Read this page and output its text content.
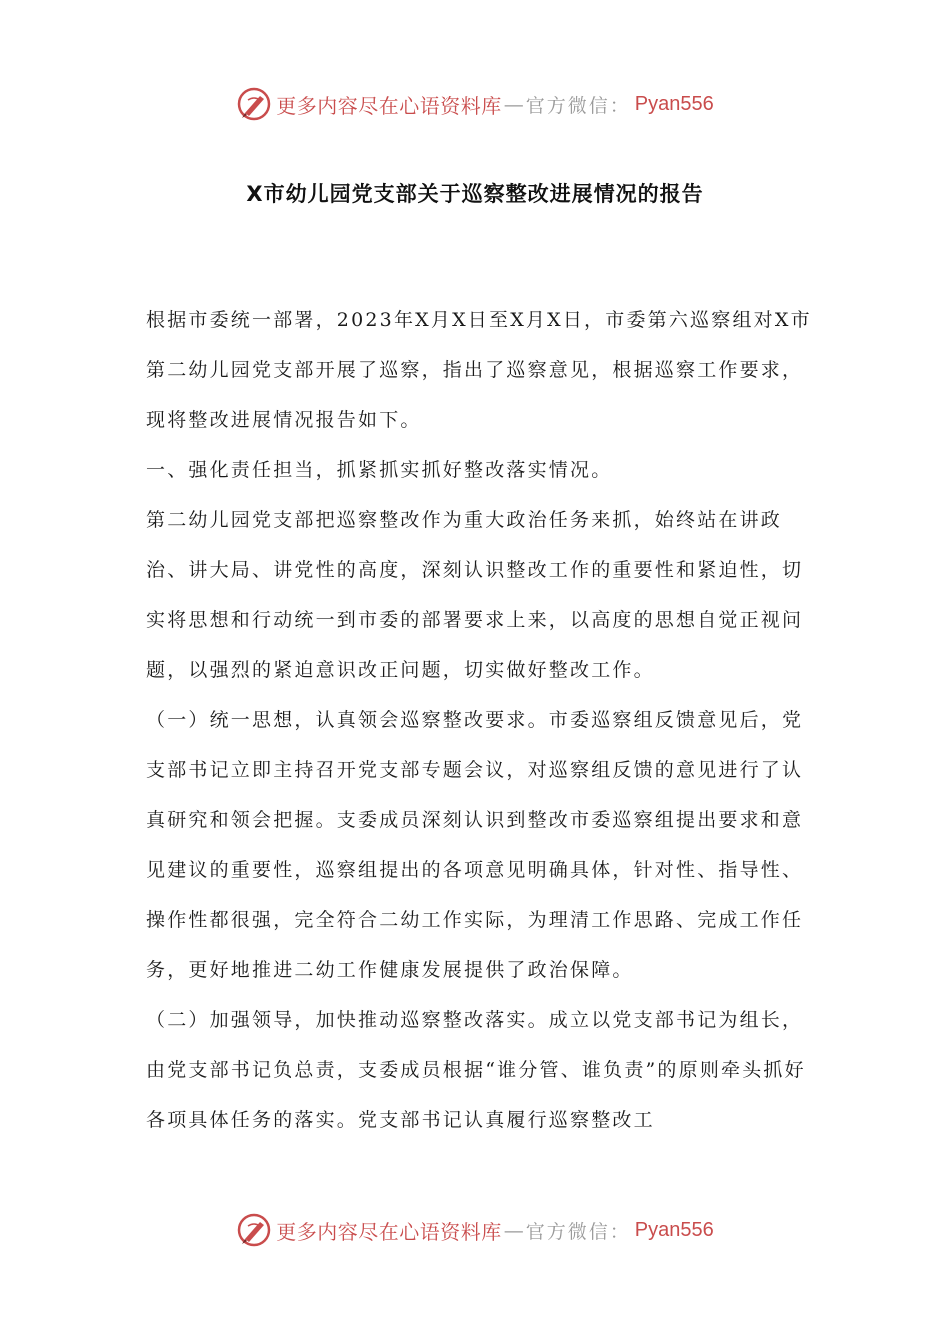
更多内容尽在心语资料库 — 官方微信： Pyan556
X市幼儿园党支部关于巡察整改进展情况的报告

根据市委统一部署，2023年X月X日至X月X日，市委第六巡察组对X市第二幼儿园党支部开展了巡察，指出了巡察意见，根据巡察工作要求，现将整改进展情况报告如下。

一、强化责任担当，抓紧抓实抓好整改落实情况。

第二幼儿园党支部把巡察整改作为重大政治任务来抓，始终站在讲政治、讲大局、讲党性的高度，深刻认识整改工作的重要性和紧迫性，切实将思想和行动统一到市委的部署要求上来，以高度的思想自觉正视问题，以强烈的紧迫意识改正问题，切实做好整改工作。

（一）统一思想，认真领会巡察整改要求。市委巡察组反馈意见后，党支部书记立即主持召开党支部专题会议，对巡察组反馈的意见进行了认真研究和领会把握。支委成员深刻认识到整改市委巡察组提出要求和意见建议的重要性，巡察组提出的各项意见明确具体，针对性、指导性、操作性都很强，完全符合二幼工作实际，为理清工作思路、完成工作任务，更好地推进二幼工作健康发展提供了政治保障。

（二）加强领导，加快推动巡察整改落实。成立以党支部书记为组长，由党支部书记负总责，支委成员根据“谁分管、谁负责”的原则牵头抓好各项具体任务的落实。党支部书记认真履行巡察整改工

更多内容尽在心语资料库 — 官方微信： Pyan556
